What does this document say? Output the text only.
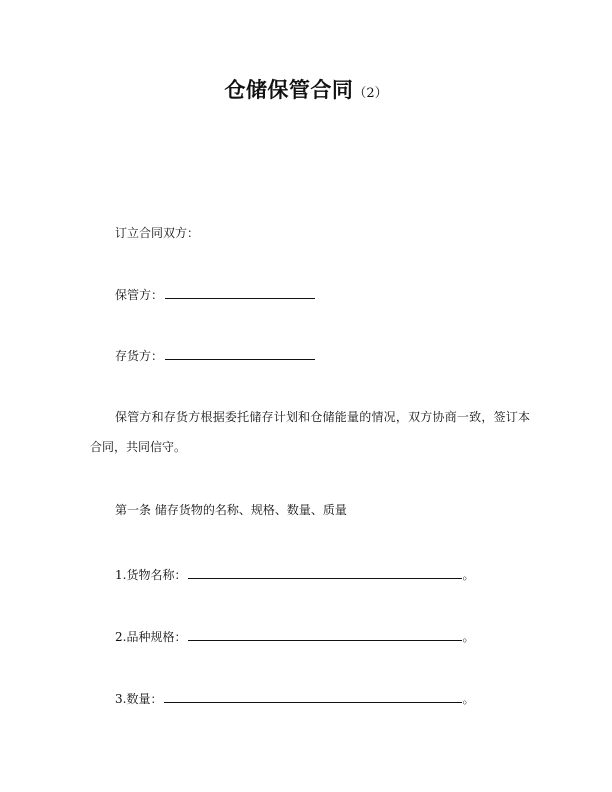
仓储保管合同（2）
订立合同双方：
保管方：
存货方：
保管方和存货方根据委托储存计划和仓储能量的情况，双方协商一致，签订本合同，共同信守。
第一条 储存货物的名称、规格、数量、质量
1.货物名称：	。
2.品种规格：	。
3.数量：	。
